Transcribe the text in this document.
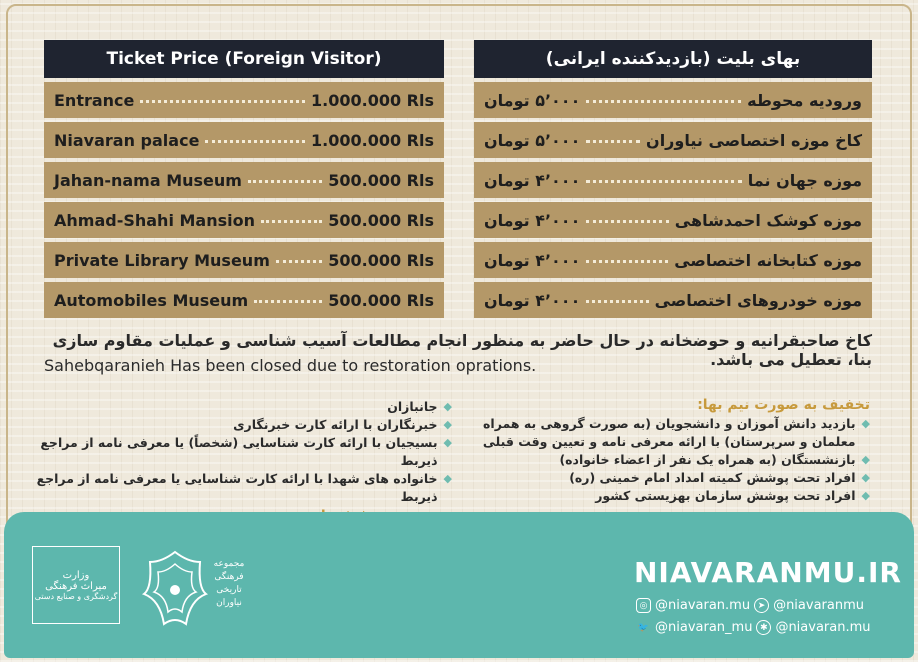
Ticket Price (Foreign Visitor)
Entrance	1.000.000 Rls
Niavaran palace	1.000.000 Rls
Jahan-nama Museum	500.000 Rls
Ahmad-Shahi Mansion	500.000 Rls
Private Library Museum	500.000 Rls
Automobiles Museum	500.000 Rls
بهای بلیت (بازدیدکننده ایرانی)
ورودیه محوطه
۵٬۰۰۰ تومان
کاخ موزه اختصاصی نیاوران
۵٬۰۰۰ تومان
موزه جهان نما
۴٬۰۰۰ تومان
موزه کوشک احمدشاهی
۴٬۰۰۰ تومان
موزه کتابخانه اختصاصی
۴٬۰۰۰ تومان
موزه خودروهای اختصاصی
۴٬۰۰۰ تومان
کاخ صاحبقرانیه و حوضخانه در حال حاضر به منظور انجام مطالعات آسیب شناسی و عملیات مقاوم سازی بنا، تعطیل می باشد.
Sahebqaranieh Has been closed due to restoration oprations.
تخفیف به صورت نیم بها:
◆
بازدید دانش آموزان و دانشجویان (به صورت گروهی به همراه معلمان و سرپرستان) با ارائه معرفی نامه و تعیین وقت قبلی
◆
بازنشستگان (به همراه یک نفر از اعضاء خانواده)
◆
افراد تحت پوشش کمیته امداد امام خمینی (ره)
◆
افراد تحت پوشش سازمان بهزیستی کشور
◆
جانبازان
◆
خبرنگاران با ارائه کارت خبرنگاری
◆
بسیجیان با ارائه کارت شناسایی (شخصاً) یا معرفی نامه از مراجع ذیربط
◆
خانواده های شهدا با ارائه کارت شناسایی یا معرفی نامه از مراجع ذیربط
وزارت
میراث فرهنگی
گردشگری و صنایع دستی
مجموعه فرهنگی تاریخی نیاوران
NIAVARANMU.IR
◎ @niavaran.mu ➤ @niavaranmu
🐦 @niavaran_mu ✱ @niavaran.mu
